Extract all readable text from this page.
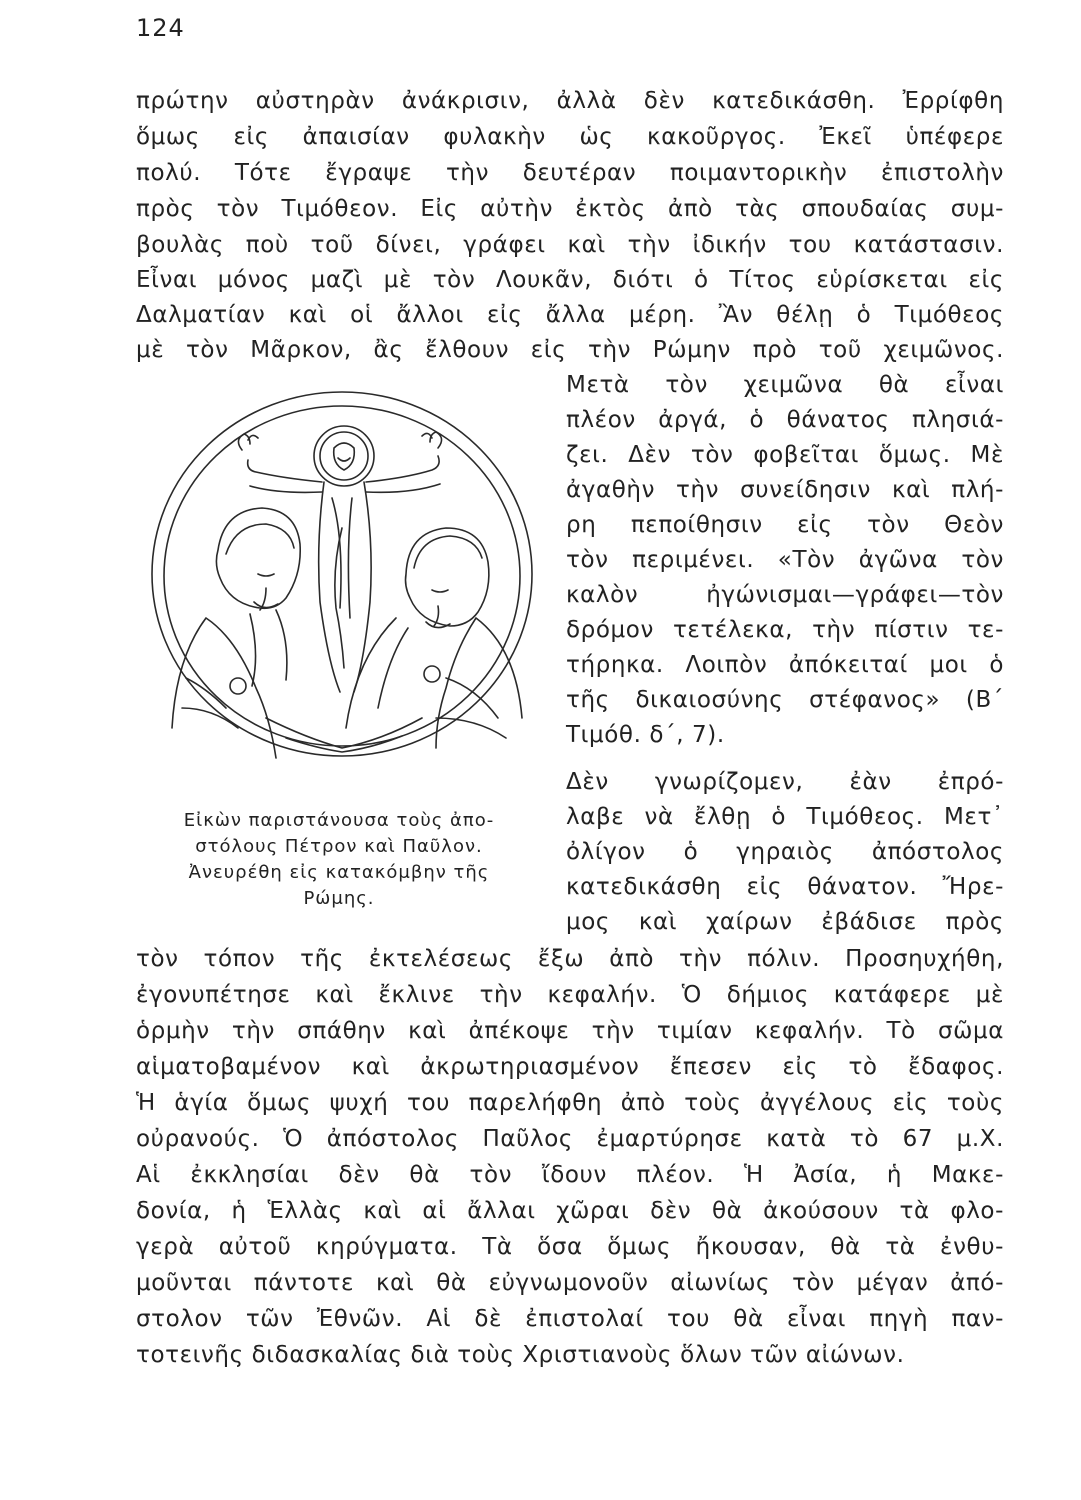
124
πρώτην αὐστηρὰν ἀνάκρισιν, ἀλλὰ δὲν κατεδικάσθη. Ἐρρίφθη
ὅμως εἰς ἀπαισίαν φυλακὴν ὡς κακοῦργος. Ἐκεῖ ὑπέφερε
πολύ. Τότε ἔγραψε τὴν δευτέραν ποιμαντορικὴν ἐπιστολὴν
πρὸς τὸν Τιμόθεον. Εἰς αὐτὴν ἐκτὸς ἀπὸ τὰς σπουδαίας συμ-
βουλὰς ποὺ τοῦ δίνει, γράφει καὶ τὴν ἰδικήν του κατάστασιν.
Εἶναι μόνος μαζὶ μὲ τὸν Λουκᾶν, διότι ὁ Τίτος εὑρίσκεται εἰς
Δαλματίαν καὶ οἱ ἄλλοι εἰς ἄλλα μέρη. Ἂν θέλῃ ὁ Τιμόθεος
μὲ τὸν Μᾶρκον, ἂς ἔλθουν εἰς τὴν Ρώμην πρὸ τοῦ χειμῶνος.
Μετὰ τὸν χειμῶνα θὰ εἶναι
πλέον ἀργά, ὁ θάνατος πλησιά-
ζει. Δὲν τὸν φοβεῖται ὅμως. Μὲ
ἀγαθὴν τὴν συνείδησιν καὶ πλή-
ρη πεποίθησιν εἰς τὸν Θεὸν
τὸν περιμένει. «Τὸν ἀγῶνα τὸν
καλὸν ἠγώνισμαι—γράφει—τὸν
δρόμον τετέλεκα, τὴν πίστιν τε-
τήρηκα. Λοιπὸν ἀπόκειταί μοι ὁ
τῆς δικαιοσύνης στέφανος» (Β΄
Τιμόθ. δ΄, 7).
Δὲν γνωρίζομεν, ἐὰν ἐπρό-
λαβε νὰ ἔλθῃ ὁ Τιμόθεος. Μετ᾽
ὀλίγον ὁ γηραιὸς ἀπόστολος
κατεδικάσθη εἰς θάνατον. Ἤρε-
μος καὶ χαίρων ἐβάδισε πρὸς
Εἰκὼν παριστάνουσα τοὺς ἀπο-
στόλους Πέτρον καὶ Παῦλον.
Ἀνευρέθη εἰς κατακόμβην τῆς
Ρώμης.
τὸν τόπον τῆς ἐκτελέσεως ἔξω ἀπὸ τὴν πόλιν. Προσηυχήθη,
ἐγονυπέτησε καὶ ἔκλινε τὴν κεφαλήν. Ὁ δήμιος κατάφερε μὲ
ὁρμὴν τὴν σπάθην καὶ ἀπέκοψε τὴν τιμίαν κεφαλήν. Τὸ σῶμα
αἱματοβαμένον καὶ ἀκρωτηριασμένον ἔπεσεν εἰς τὸ ἔδαφος.
Ἡ ἁγία ὅμως ψυχή του παρελήφθη ἀπὸ τοὺς ἀγγέλους εἰς τοὺς
οὐρανούς. Ὁ ἀπόστολος Παῦλος ἐμαρτύρησε κατὰ τὸ 67 μ.Χ.
Αἱ ἐκκλησίαι δὲν θὰ τὸν ἴδουν πλέον. Ἡ Ἀσία, ἡ Μακε-
δονία, ἡ Ἑλλὰς καὶ αἱ ἄλλαι χῶραι δὲν θὰ ἀκούσουν τὰ φλο-
γερὰ αὐτοῦ κηρύγματα. Τὰ ὅσα ὅμως ἤκουσαν, θὰ τὰ ἐνθυ-
μοῦνται πάντοτε καὶ θὰ εὐγνωμονοῦν αἰωνίως τὸν μέγαν ἀπό-
στολον τῶν Ἐθνῶν. Αἱ δὲ ἐπιστολαί του θὰ εἶναι πηγὴ παν-
τοτεινῆς διδασκαλίας διὰ τοὺς Χριστιανοὺς ὅλων τῶν αἰώνων.
